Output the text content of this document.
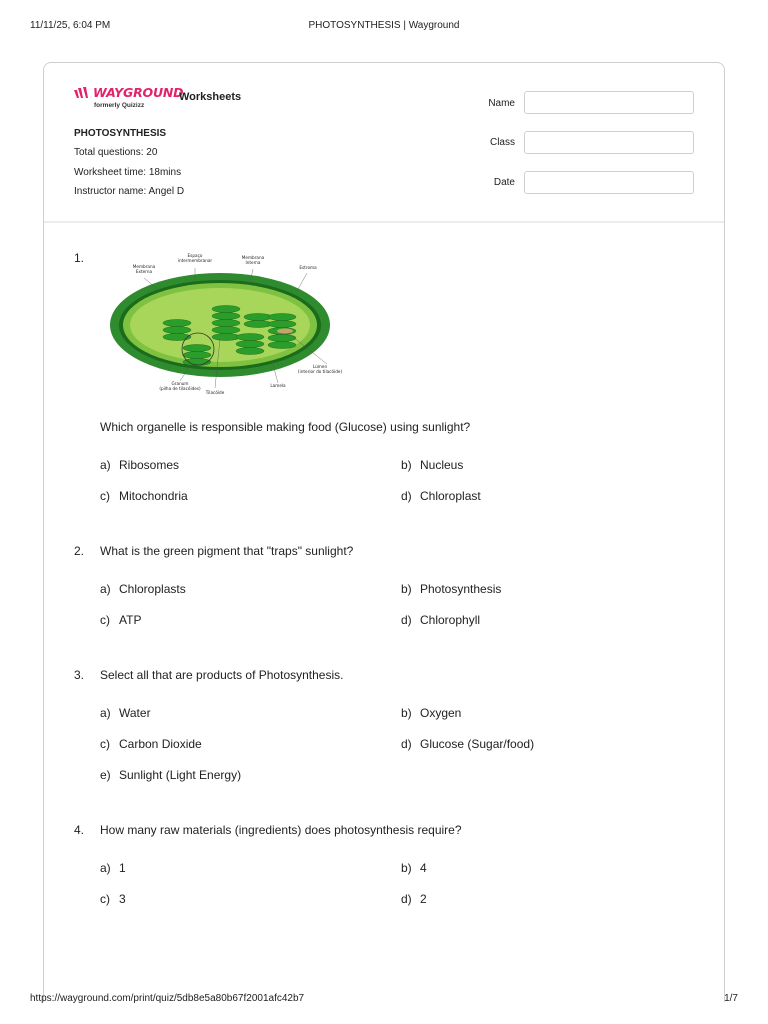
11/11/25, 6:04 PM	PHOTOSYNTHESIS | Wayground
WAYGROUND
formerly Quizizz
Worksheets
PHOTOSYNTHESIS
Total questions: 20
Worksheet time: 18mins
Instructor name: Angel D
Name
Class
Date
1.
Membrana Externa
Espaço intermembranar
Membrana Interna
Estroma
Granum (pilha de tilacóides)
Tilacóide
Lamela
Lúmen (interior do tilacóide)
Which organelle is responsible making food (Glucose) using sunlight?
a) Ribosomes	b) Nucleus
c) Mitochondria	d) Chloroplast
2. What is the green pigment that "traps" sunlight?
a) Chloroplasts	b) Photosynthesis
c) ATP	d) Chlorophyll
3. Select all that are products of Photosynthesis.
a) Water	b) Oxygen
c) Carbon Dioxide	d) Glucose (Sugar/food)
e) Sunlight (Light Energy)
4. How many raw materials (ingredients) does photosynthesis require?
a) 1	b) 4
c) 3	d) 2
https://wayground.com/print/quiz/5db8e5a80b67f2001afc42b7	1/7
